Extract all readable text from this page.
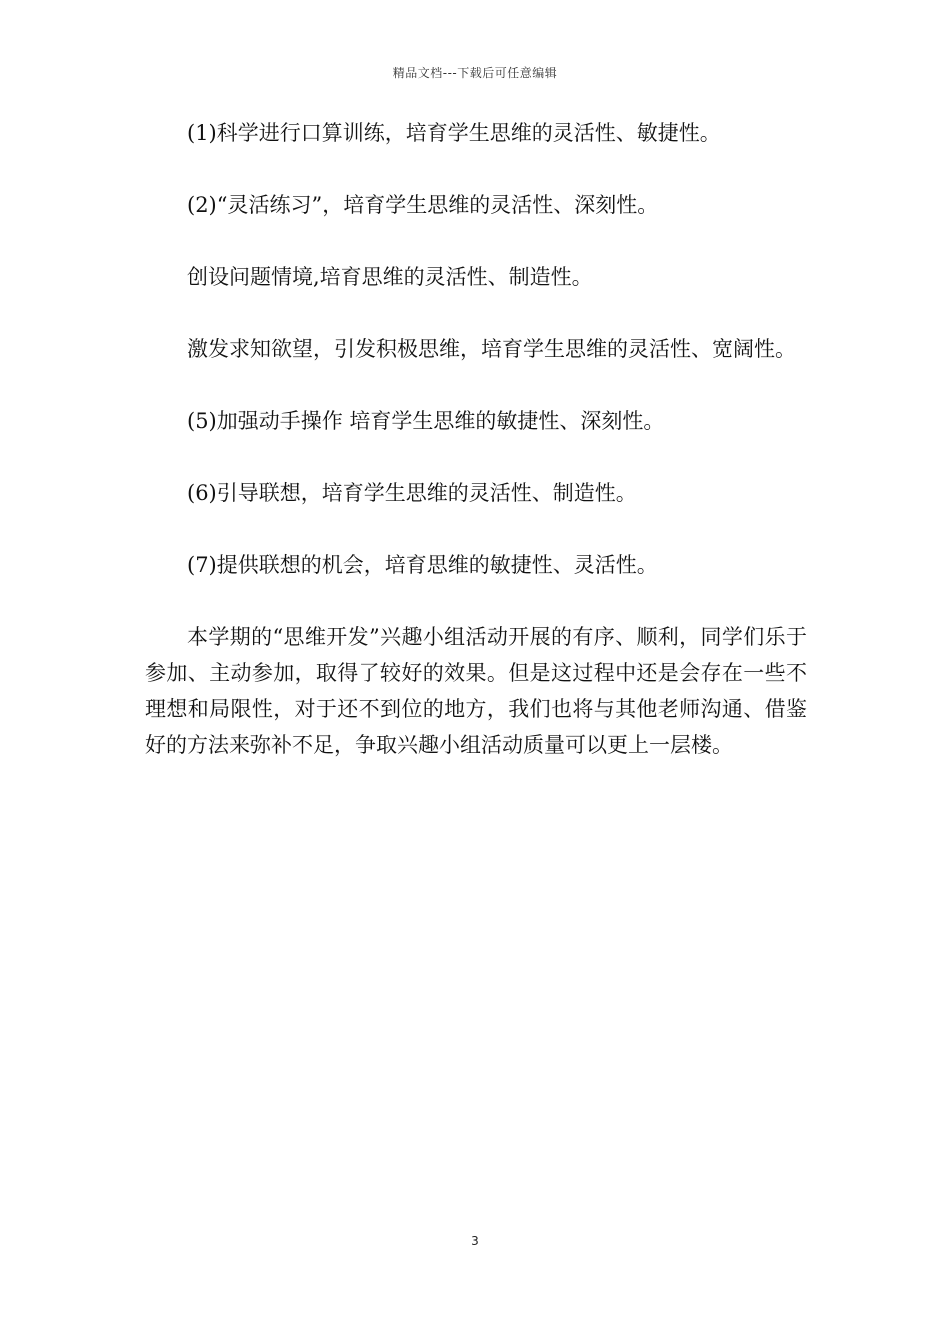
精品文档---下载后可任意编辑

(1)科学进行口算训练，培育学生思维的灵活性、敏捷性。

(2)“灵活练习”，培育学生思维的灵活性、深刻性。

创设问题情境,培育思维的灵活性、制造性。

激发求知欲望，引发积极思维，培育学生思维的灵活性、宽阔性。

(5)加强动手操作 培育学生思维的敏捷性、深刻性。

(6)引导联想，培育学生思维的灵活性、制造性。

(7)提供联想的机会，培育思维的敏捷性、灵活性。

本学期的“思维开发”兴趣小组活动开展的有序、顺利，同学们乐于参加、主动参加，取得了较好的效果。但是这过程中还是会存在一些不理想和局限性，对于还不到位的地方，我们也将与其他老师沟通、借鉴好的方法来弥补不足，争取兴趣小组活动质量可以更上一层楼。

3
